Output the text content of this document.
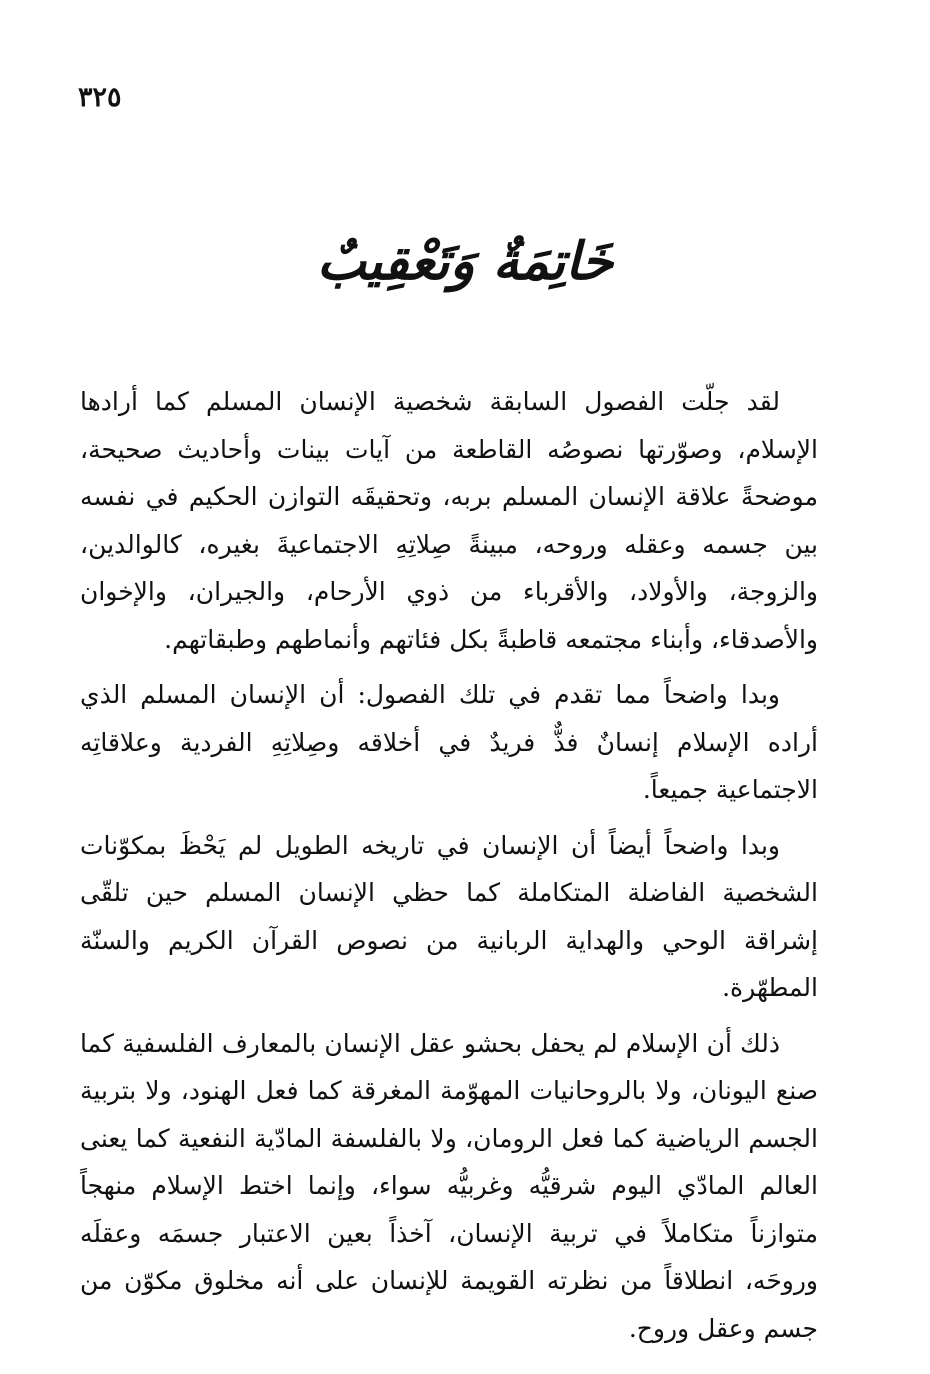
٣٢٥
خَاتِمَةٌ وَتَعْقِيبٌ

لقد جلّت الفصول السابقة شخصية الإنسان المسلم كما أرادها الإسلام، وصوّرتها نصوصُه القاطعة من آيات بينات وأحاديث صحيحة، موضحةً علاقة الإنسان المسلم بربه، وتحقيقَه التوازن الحكيم في نفسه بين جسمه وعقله وروحه، مبينةً صِلاتِهِ الاجتماعيةَ بغيره، كالوالدين، والزوجة، والأولاد، والأقرباء من ذوي الأرحام، والجيران، والإخوان والأصدقاء، وأبناء مجتمعه قاطبةً بكل فئاتهم وأنماطهم وطبقاتهم.

وبدا واضحاً مما تقدم في تلك الفصول: أن الإنسان المسلم الذي أراده الإسلام إنسانٌ فذٌّ فريدٌ في أخلاقه وصِلاتِهِ الفردية وعلاقاتِه الاجتماعية جميعاً.

وبدا واضحاً أيضاً أن الإنسان في تاريخه الطويل لم يَحْظَ بمكوّنات الشخصية الفاضلة المتكاملة كما حظي الإنسان المسلم حين تلقّى إشراقة الوحي والهداية الربانية من نصوص القرآن الكريم والسنّة المطهّرة.

ذلك أن الإسلام لم يحفل بحشو عقل الإنسان بالمعارف الفلسفية كما صنع اليونان، ولا بالروحانيات المهوّمة المغرقة كما فعل الهنود، ولا بتربية الجسم الرياضية كما فعل الرومان، ولا بالفلسفة المادّية النفعية كما يعنى العالم المادّي اليوم شرقيُّه وغربيُّه سواء، وإنما اختط الإسلام منهجاً متوازناً متكاملاً في تربية الإنسان، آخذاً بعين الاعتبار جسمَه وعقلَه وروحَه، انطلاقاً من نظرته القويمة للإنسان على أنه مخلوق مكوّن من جسم وعقل وروح.
